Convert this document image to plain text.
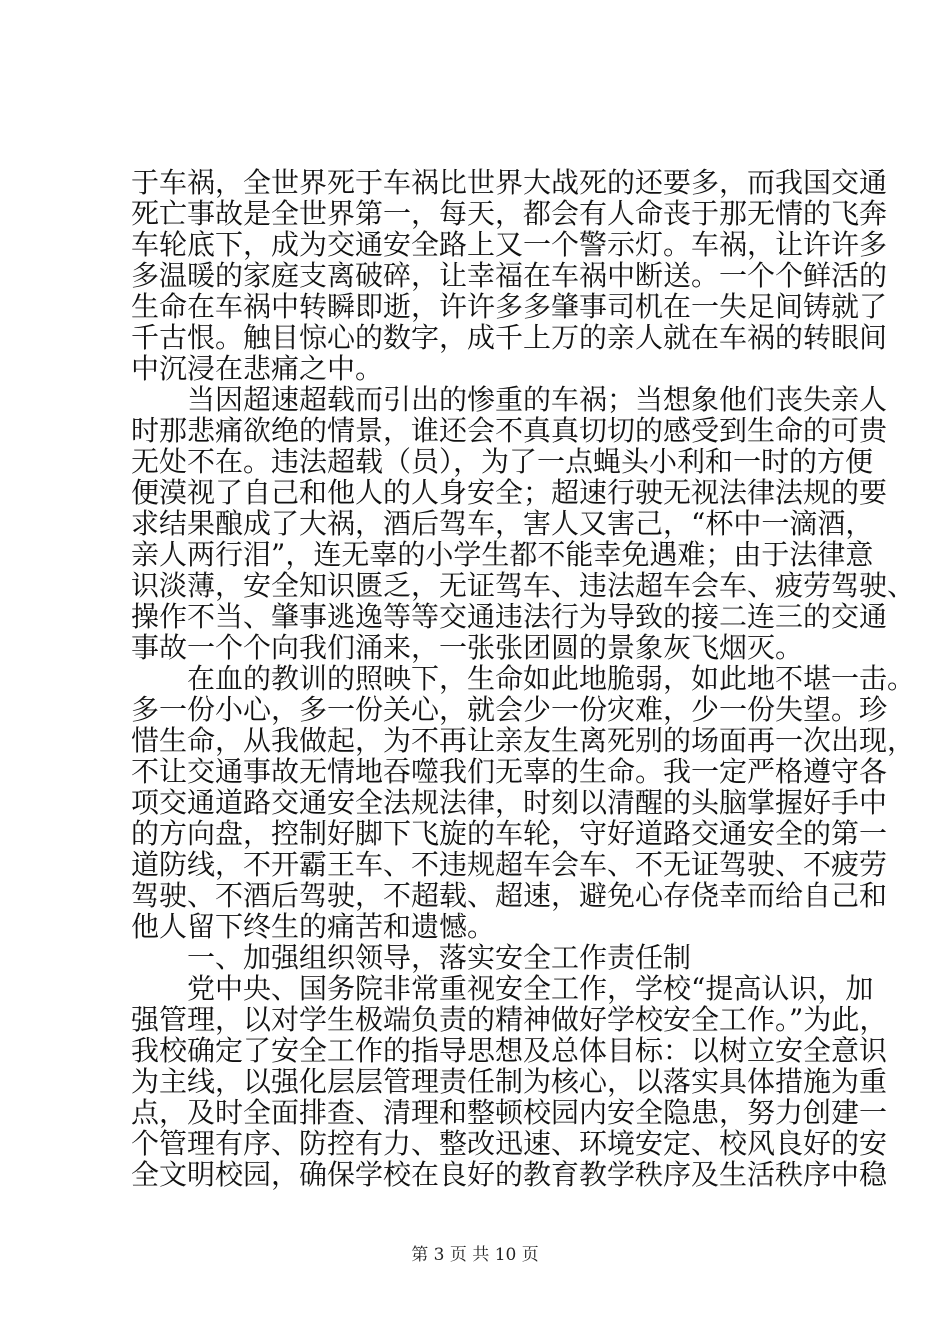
于车祸，全世界死于车祸比世界大战死的还要多，而我国交通
死亡事故是全世界第一，每天，都会有人命丧于那无情的飞奔
车轮底下，成为交通安全路上又一个警示灯。车祸，让许许多
多温暖的家庭支离破碎，让幸福在车祸中断送。一个个鲜活的
生命在车祸中转瞬即逝，许许多多肇事司机在一失足间铸就了
千古恨。触目惊心的数字，成千上万的亲人就在车祸的转眼间
中沉浸在悲痛之中。
当因超速超载而引出的惨重的车祸；当想象他们丧失亲人
时那悲痛欲绝的情景，谁还会不真真切切的感受到生命的可贵
无处不在。违法超载（员），为了一点蝇头小利和一时的方便
便漠视了自己和他人的人身安全；超速行驶无视法律法规的要
求结果酿成了大祸，酒后驾车，害人又害己，“杯中一滴酒，
亲人两行泪”，连无辜的小学生都不能幸免遇难；由于法律意
识淡薄，安全知识匮乏，无证驾车、违法超车会车、疲劳驾驶、
操作不当、肇事逃逸等等交通违法行为导致的接二连三的交通
事故一个个向我们涌来，一张张团圆的景象灰飞烟灭。
在血的教训的照映下，生命如此地脆弱，如此地不堪一击。
多一份小心，多一份关心，就会少一份灾难，少一份失望。珍
惜生命，从我做起，为不再让亲友生离死别的场面再一次出现，
不让交通事故无情地吞噬我们无辜的生命。我一定严格遵守各
项交通道路交通安全法规法律，时刻以清醒的头脑掌握好手中
的方向盘，控制好脚下飞旋的车轮，守好道路交通安全的第一
道防线，不开霸王车、不违规超车会车、不无证驾驶、不疲劳
驾驶、不酒后驾驶，不超载、超速，避免心存侥幸而给自己和
他人留下终生的痛苦和遗憾。
一、加强组织领导，落实安全工作责任制
党中央、国务院非常重视安全工作，学校“提高认识，加
强管理，以对学生极端负责的精神做好学校安全工作。”为此，
我校确定了安全工作的指导思想及总体目标：以树立安全意识
为主线，以强化层层管理责任制为核心，以落实具体措施为重
点，及时全面排查、清理和整顿校园内安全隐患，努力创建一
个管理有序、防控有力、整改迅速、环境安定、校风良好的安
全文明校园，确保学校在良好的教育教学秩序及生活秩序中稳
第 3 页 共 10 页
